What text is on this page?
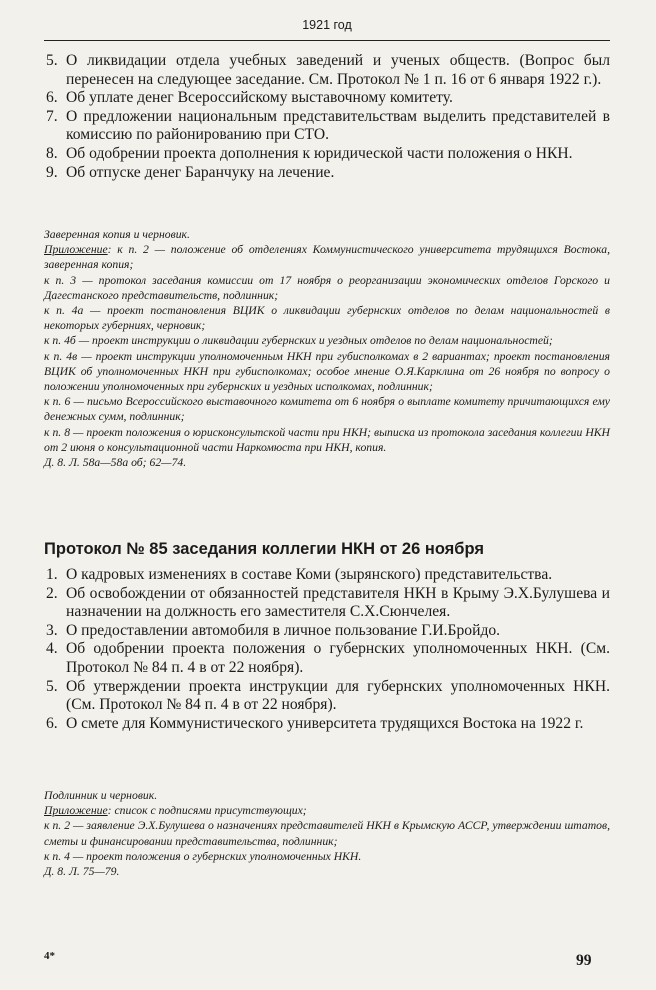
1921 год
5. О ликвидации отдела учебных заведений и ученых обществ. (Вопрос был перенесен на следующее заседание. См. Протокол № 1 п. 16 от 6 января 1922 г.).
6. Об уплате денег Всероссийскому выставочному комитету.
7. О предложении национальным представительствам выделить представителей в комиссию по районированию при СТО.
8. Об одобрении проекта дополнения к юридической части положения о НКН.
9. Об отпуске денег Баранчуку на лечение.

Заверенная копия и черновик.

Приложение: к п. 2 — положение об отделениях Коммунистического университета трудящихся Востока, заверенная копия;

к п. 3 — протокол заседания комиссии от 17 ноября о реорганизации экономических отделов Горского и Дагестанского представительств, подлинник;

к п. 4а — проект постановления ВЦИК о ликвидации губернских отделов по делам национальностей в некоторых губерниях, черновик;

к п. 4б — проект инструкции о ликвидации губернских и уездных отделов по делам национальностей;

к п. 4в — проект инструкции уполномоченным НКН при губисполкомах в 2 вариантах; проект постановления ВЦИК об уполномоченных НКН при губисполкомах; особое мнение О.Я.Карклина от 26 ноября по вопросу о положении уполномоченных при губернских и уездных исполкомах, подлинник;

к п. 6 — письмо Всероссийского выставочного комитета от 6 ноября о выплате комитету причитающихся ему денежных сумм, подлинник;

к п. 8 — проект положения о юрисконсультской части при НКН; выписка из протокола заседания коллегии НКН от 2 июня о консультационной части Наркомюста при НКН, копия.

Д. 8. Л. 58а—58а об; 62—74.

Протокол № 85 заседания коллегии НКН от 26 ноября
1. О кадровых изменениях в составе Коми (зырянского) представительства.
2. Об освобождении от обязанностей представителя НКН в Крыму Э.Х.Булушева и назначении на должность его заместителя С.Х.Сюнчелея.
3. О предоставлении автомобиля в личное пользование Г.И.Бройдо.
4. Об одобрении проекта положения о губернских уполномоченных НКН. (См. Протокол № 84 п. 4 в от 22 ноября).
5. Об утверждении проекта инструкции для губернских уполномоченных НКН. (См. Протокол № 84 п. 4 в от 22 ноября).
6. О смете для Коммунистического университета трудящихся Востока на 1922 г.

Подлинник и черновик.

Приложение: список с подписями присутствующих;

к п. 2 — заявление Э.Х.Булушева о назначениях представителей НКН в Крымскую АССР, утверждении штатов, сметы и финансировании представительства, подлинник;

к п. 4 — проект положения о губернских уполномоченных НКН.

Д. 8. Л. 75—79.

4*	99
